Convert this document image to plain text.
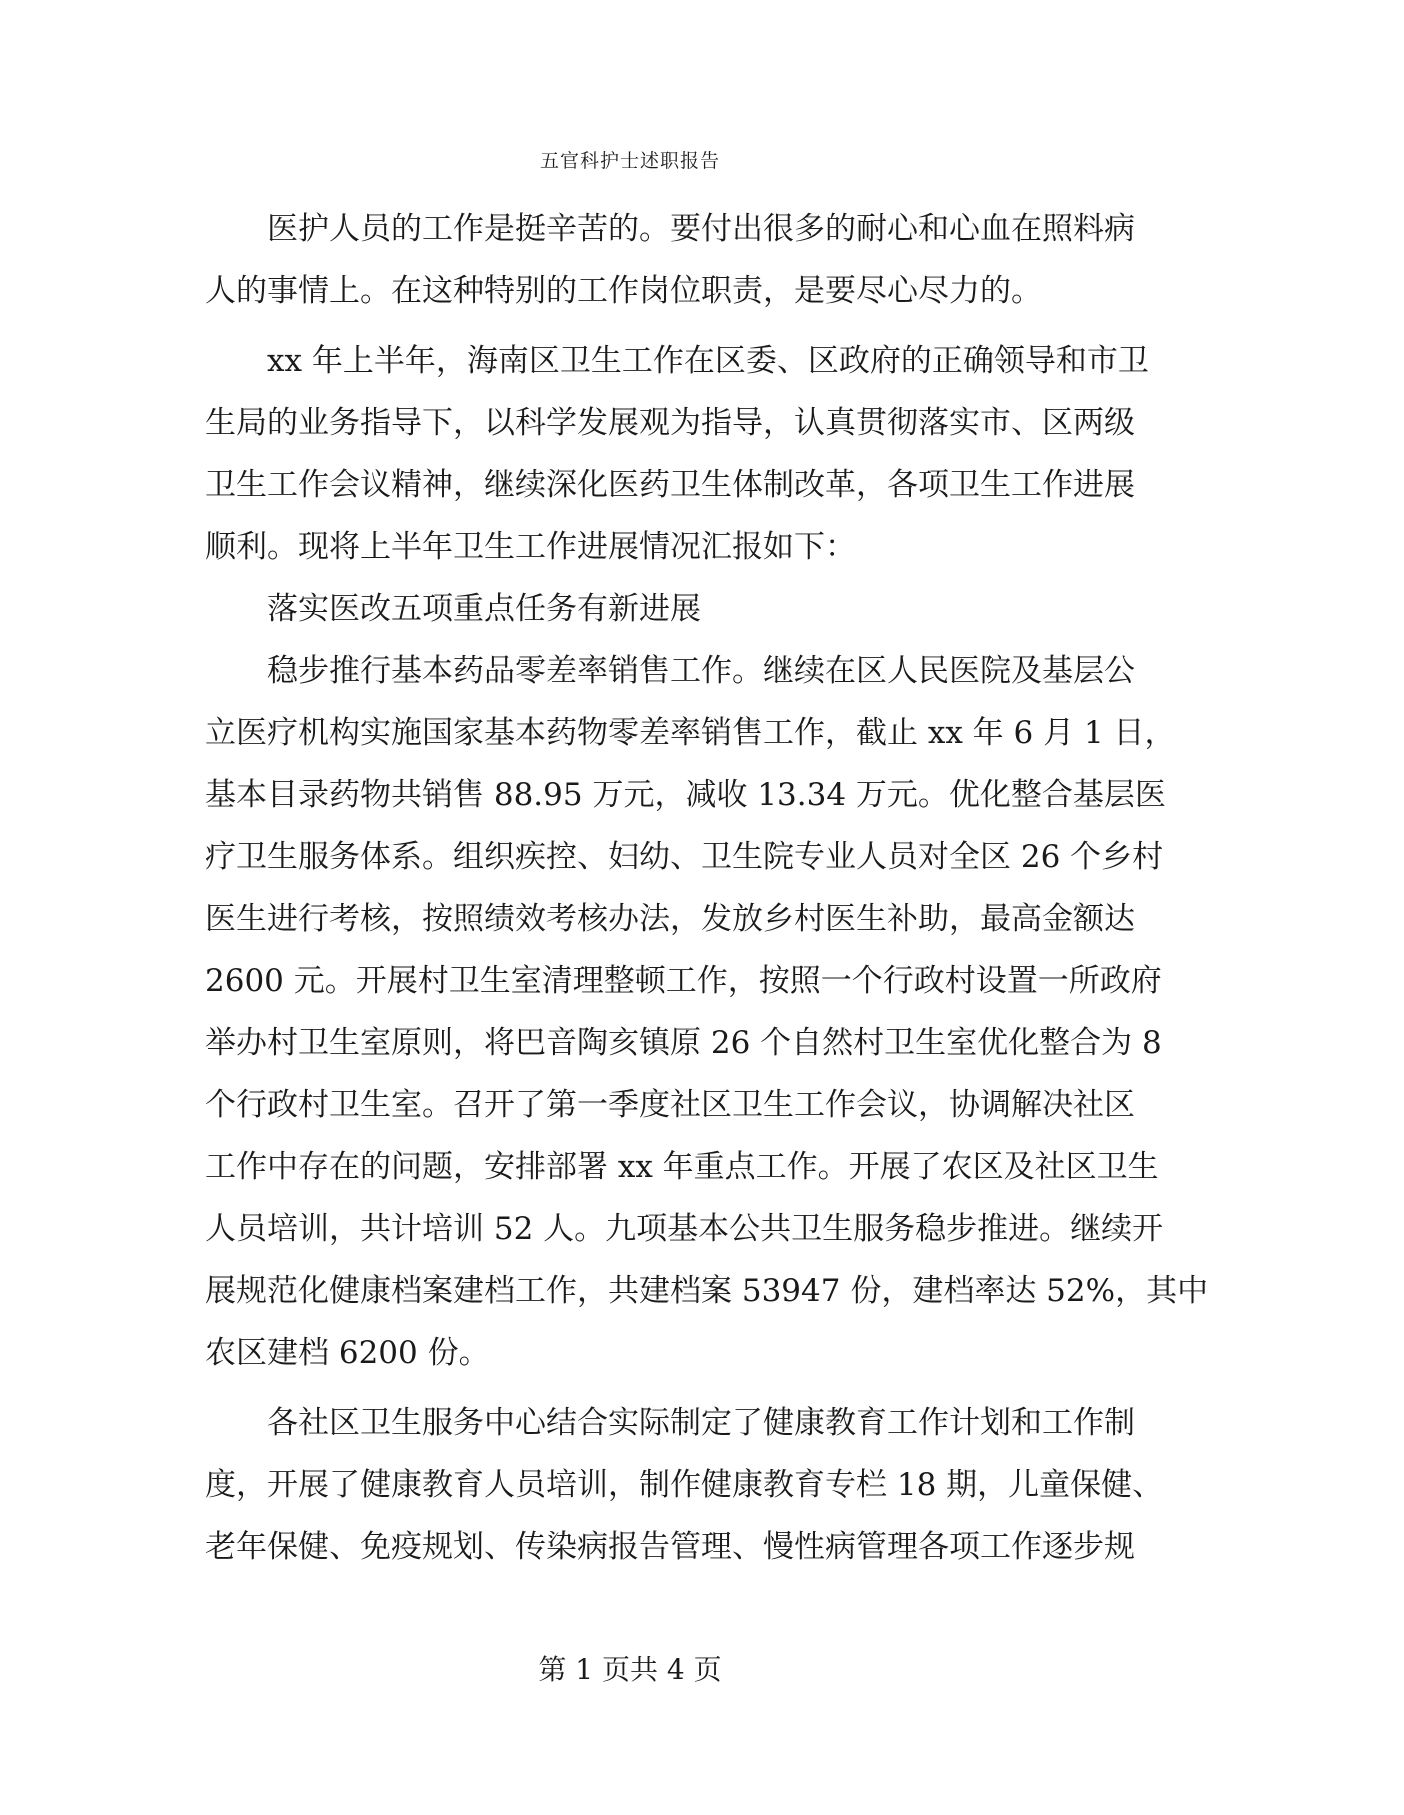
五官科护士述职报告
　　医护人员的工作是挺辛苦的。要付出很多的耐心和心血在照料病
人的事情上。在这种特别的工作岗位职责，是要尽心尽力的。
　　xx 年上半年，海南区卫生工作在区委、区政府的正确领导和市卫
生局的业务指导下，以科学发展观为指导，认真贯彻落实市、区两级
卫生工作会议精神，继续深化医药卫生体制改革，各项卫生工作进展
顺利。现将上半年卫生工作进展情况汇报如下：
　　落实医改五项重点任务有新进展
　　稳步推行基本药品零差率销售工作。继续在区人民医院及基层公
立医疗机构实施国家基本药物零差率销售工作，截止 xx 年 6 月 1 日，
基本目录药物共销售 88.95 万元，减收 13.34 万元。优化整合基层医
疗卫生服务体系。组织疾控、妇幼、卫生院专业人员对全区 26 个乡村
医生进行考核，按照绩效考核办法，发放乡村医生补助，最高金额达
2600 元。开展村卫生室清理整顿工作，按照一个行政村设置一所政府
举办村卫生室原则，将巴音陶亥镇原 26 个自然村卫生室优化整合为 8
个行政村卫生室。召开了第一季度社区卫生工作会议，协调解决社区
工作中存在的问题，安排部署 xx 年重点工作。开展了农区及社区卫生
人员培训，共计培训 52 人。九项基本公共卫生服务稳步推进。继续开
展规范化健康档案建档工作，共建档案 53947 份，建档率达 52%，其中
农区建档 6200 份。
　　各社区卫生服务中心结合实际制定了健康教育工作计划和工作制
度，开展了健康教育人员培训，制作健康教育专栏 18 期，儿童保健、
老年保健、免疫规划、传染病报告管理、慢性病管理各项工作逐步规
第 1 页共 4 页
